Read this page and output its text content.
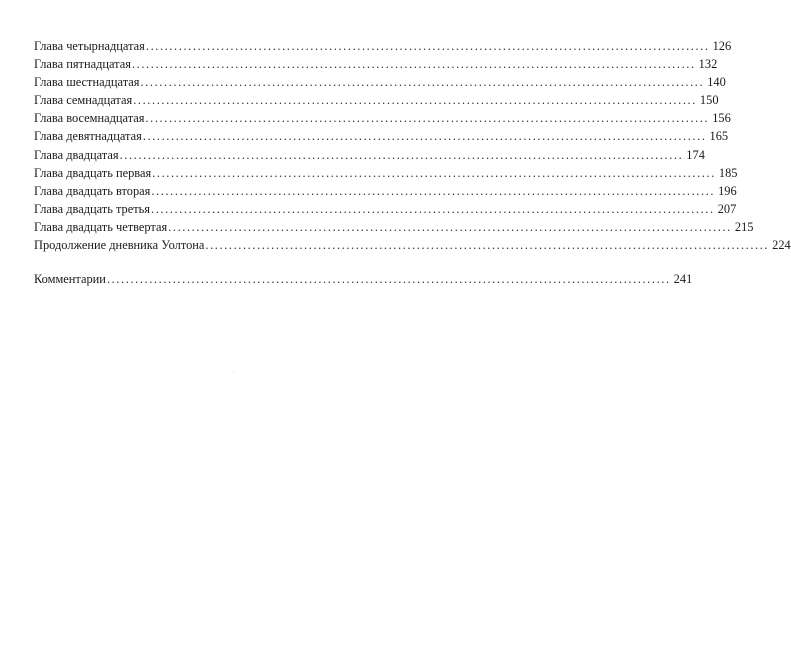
Глава четырнадцатая ........................................................................................................................ 126
Глава пятнадцатая ........................................................................................................................ 132
Глава шестнадцатая ........................................................................................................................ 140
Глава семнадцатая ........................................................................................................................ 150
Глава восемнадцатая ........................................................................................................................ 156
Глава девятнадцатая ........................................................................................................................ 165
Глава двадцатая ........................................................................................................................ 174
Глава двадцать первая ........................................................................................................................ 185
Глава двадцать вторая ........................................................................................................................ 196
Глава двадцать третья ........................................................................................................................ 207
Глава двадцать четвертая ........................................................................................................................ 215
Продолжение дневника Уолтона ........................................................................................................................ 224
Комментарии ........................................................................................................................ 241
